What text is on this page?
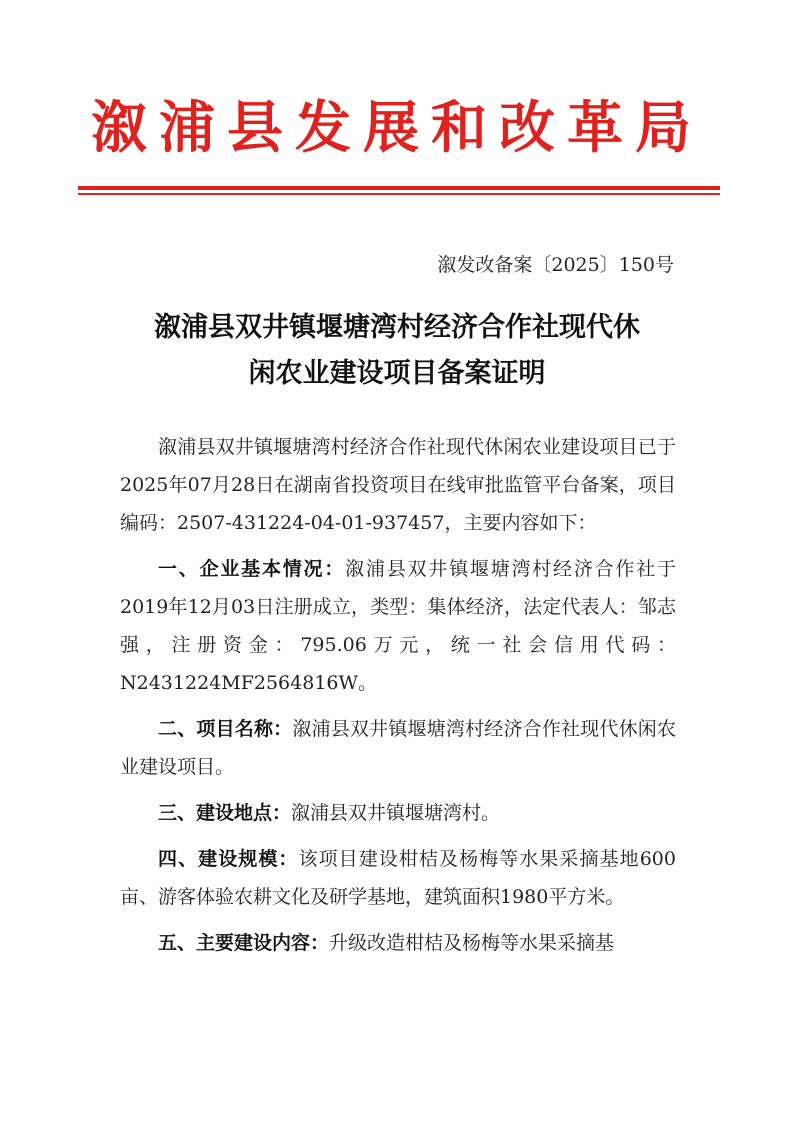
溆浦县发展和改革局
溆发改备案〔2025〕150号
溆浦县双井镇堰塘湾村经济合作社现代休
闲农业建设项目备案证明

溆浦县双井镇堰塘湾村经济合作社现代休闲农业建设项目已于2025年07月28日在湖南省投资项目在线审批监管平台备案，项目编码：2507-431224-04-01-937457，主要内容如下：

一、企业基本情况：溆浦县双井镇堰塘湾村经济合作社于2019年12月03日注册成立，类型：集体经济，法定代表人：邹志强，注册资金：795.06万元，统一社会信用代码：N2431224MF2564816W。

二、项目名称：溆浦县双井镇堰塘湾村经济合作社现代休闲农业建设项目。

三、建设地点：溆浦县双井镇堰塘湾村。

四、建设规模：该项目建设柑桔及杨梅等水果采摘基地600亩、游客体验农耕文化及研学基地，建筑面积1980平方米。

五、主要建设内容：升级改造柑桔及杨梅等水果采摘基
